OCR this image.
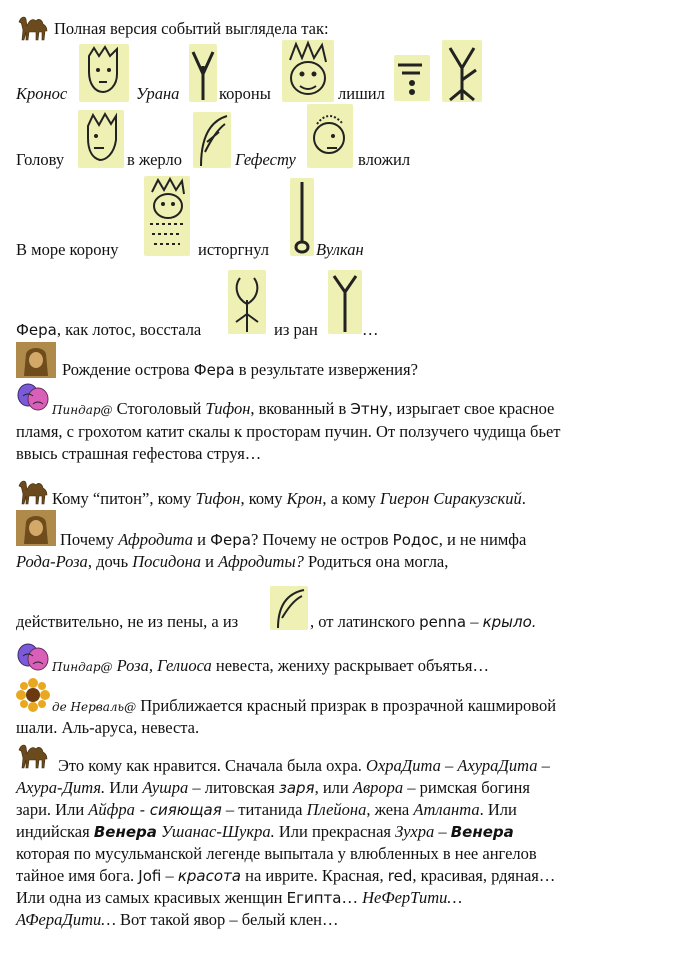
Полная версия событий выглядела так:
Кронос	Урана короны	лишил
Голову	в жерло	Гефесту	вложил
В море корону	исторгнул	Вулкан
Фера, как лотос, восстала	из ран	…
Рождение острова Фера в результате извержения?
Пиндар@ Стоголовый Тифон, вкованный в Этну, изрыгает свое красное
пламя, с грохотом катит скалы к просторам пучин. От ползучего чудища бьет
ввысь страшная гефестова струя…
Кому “питон”, кому Тифон, кому Крон, а кому Гиерон Сиракузский.
Почему Афродита и Фера? Почему не остров Родос, и не нимфа
Рода-Роза, дочь Посидона и Афродиты? Родиться она могла,
действительно, не из пены, а из	, от латинского penna – крыло.
Пиндар@ Роза, Гелиоса невеста, жениху раскрывает объятья…
де Нерваль@ Приближается красный призрак в прозрачной кашмировой
шали. Аль-аруса, невеста.
Это кому как нравится. Сначала была охра. ОхраДита – АхураДита –
Ахура-Дитя. Или Аушра – литовская заря, или Аврора – римская богиня
зари. Или Айфра - сияющая – титанида Плейона, жена Атланта. Или
индийская Венера Ушанас-Шукра. Или прекрасная Зухра – Венера
которая по мусульманской легенде выпытала у влюбленных в нее ангелов
тайное имя бога. Jofi – красота на иврите. Красная, red, красивая, рдяная…
Или одна из самых красивых женщин Египта… НеФерТити…
АФераДити… Вот такой явор – белый клен…
